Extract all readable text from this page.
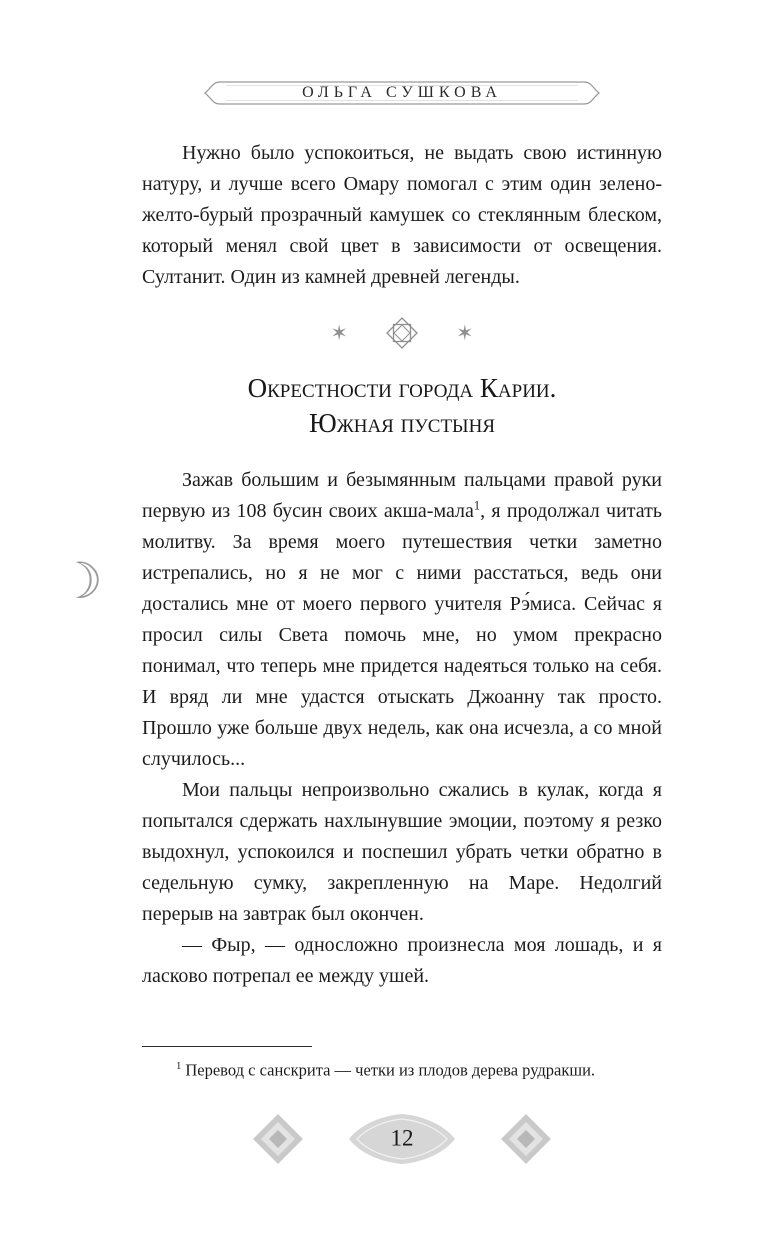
☽
ОЛЬГА СУШКОВА

Нужно было успокоиться, не выдать свою истинную натуру, и лучше всего Омару помогал с этим один зелено-желто-бурый прозрачный камушек со стеклянным блеском, который менял свой цвет в зависимости от освещения. Султанит. Один из камней древней легенды.

✶	✶
Окрестности города Карии.
Южная пустыня

Зажав большим и безымянным пальцами правой руки первую из 108 бусин своих акша-мала$^1$, я продолжал читать молитву. За время моего путешествия четки заметно истрепались, но я не мог с ними расстаться, ведь они достались мне от моего первого учителя Рэ́миса. Сейчас я просил силы Света помочь мне, но умом прекрасно понимал, что теперь мне придется надеяться только на себя. И вряд ли мне удастся отыскать Джоанну так просто. Прошло уже больше двух недель, как она исчезла, а со мной случилось...

Мои пальцы непроизвольно сжались в кулак, когда я попытался сдержать нахлынувшие эмоции, поэтому я резко выдохнул, успокоился и поспешил убрать четки обратно в седельную сумку, закрепленную на Маре. Недолгий перерыв на завтрак был окончен.

— Фыр, — односложно произнесла моя лошадь, и я ласково потрепал ее между ушей.

$^1$ Перевод с санскрита — четки из плодов дерева рудракши.

12
